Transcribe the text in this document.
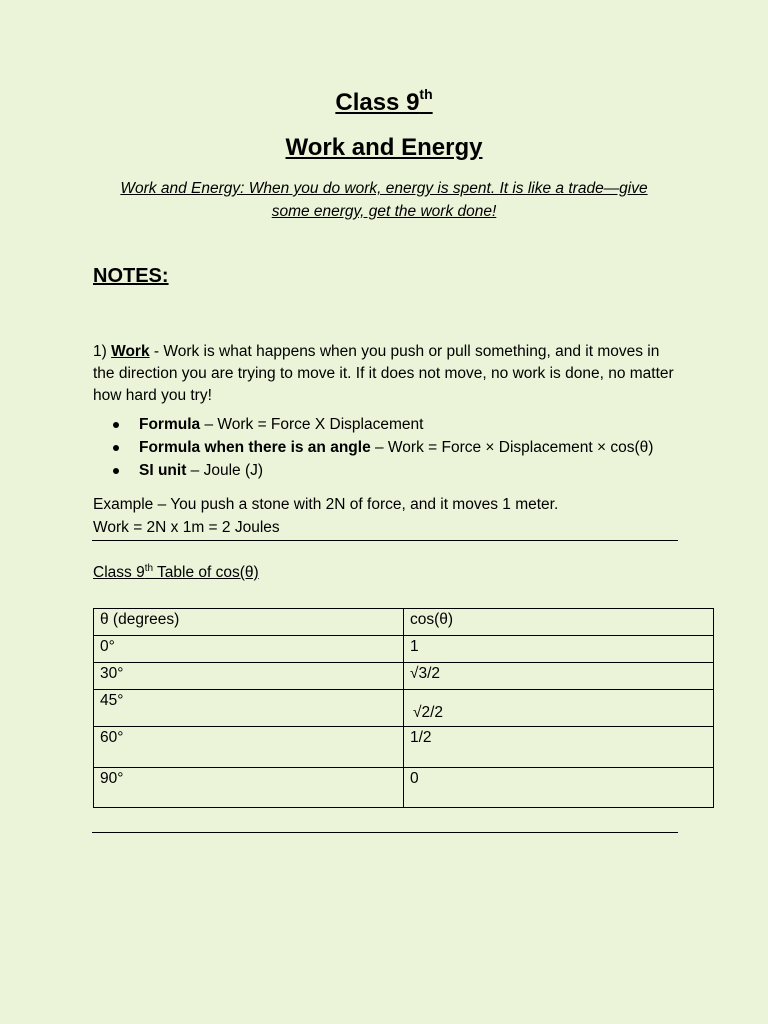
Class 9th
Work and Energy
Work and Energy: When you do work, energy is spent. It is like a trade—give some energy, get the work done!
NOTES:
1) Work - Work is what happens when you push or pull something, and it moves in the direction you are trying to move it. If it does not move, no work is done, no matter how hard you try!
Formula – Work = Force X Displacement
Formula when there is an angle – Work = Force × Displacement × cos(θ)
SI unit – Joule (J)
Example – You push a stone with 2N of force, and it moves 1 meter.
Work = 2N x 1m = 2 Joules
Class 9th Table of cos(θ)
θ (degrees)	cos(θ)
0°	1
30°	√3/2
45°	√2/2
60°	1/2
90°	0
